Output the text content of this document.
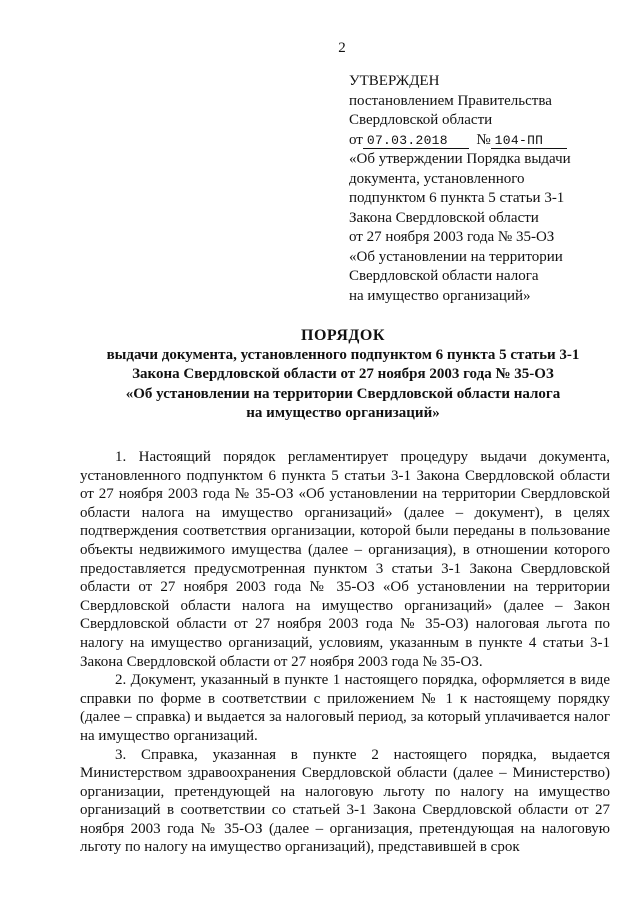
2
УТВЕРЖДЕН
постановлением Правительства
Свердловской области
от 07.03.2018 № 104-ПП
«Об утверждении Порядка выдачи
документа, установленного
подпунктом 6 пункта 5 статьи 3-1
Закона Свердловской области
от 27 ноября 2003 года № 35-ОЗ
«Об установлении на территории
Свердловской области налога
на имущество организаций»
ПОРЯДОК
выдачи документа, установленного подпунктом 6 пункта 5 статьи 3-1
Закона Свердловской области от 27 ноября 2003 года № 35-ОЗ
«Об установлении на территории Свердловской области налога
на имущество организаций»

1. Настоящий порядок регламентирует процедуру выдачи документа, установленного подпунктом 6 пункта 5 статьи 3-1 Закона Свердловской области от 27 ноября 2003 года № 35-ОЗ «Об установлении на территории Свердловской области налога на имущество организаций» (далее – документ), в целях подтверждения соответствия организации, которой были переданы в пользование объекты недвижимого имущества (далее – организация), в отношении которого предоставляется предусмотренная пунктом 3 статьи 3-1 Закона Свердловской области от 27 ноября 2003 года № 35-ОЗ «Об установлении на территории Свердловской области налога на имущество организаций» (далее – Закон Свердловской области от 27 ноября 2003 года № 35-ОЗ) налоговая льгота по налогу на имущество организаций, условиям, указанным в пункте 4 статьи 3-1 Закона Свердловской области от 27 ноября 2003 года № 35-ОЗ.

2. Документ, указанный в пункте 1 настоящего порядка, оформляется в виде справки по форме в соответствии с приложением № 1 к настоящему порядку (далее – справка) и выдается за налоговый период, за который уплачивается налог на имущество организаций.

3. Справка, указанная в пункте 2 настоящего порядка, выдается Министерством здравоохранения Свердловской области (далее – Министерство) организации, претендующей на налоговую льготу по налогу на имущество организаций в соответствии со статьей 3-1 Закона Свердловской области от 27 ноября 2003 года № 35-ОЗ (далее – организация, претендующая на налоговую льготу по налогу на имущество организаций), представившей в срок
